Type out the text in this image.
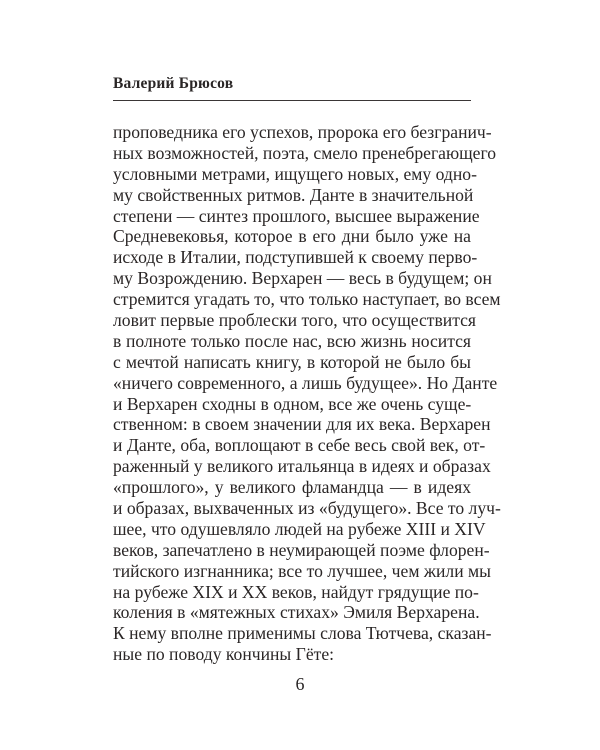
Валерий Брюсов
проповедника его успехов, пророка его безгранич-
ных возможностей, поэта, смело пренебрегающего
условными метрами, ищущего новых, ему одно-
му свойственных ритмов. Данте в значительной
степени — синтез прошлого, высшее выражение
Средневековья, которое в его дни было уже на
исходе в Италии, подступившей к своему перво-
му Возрождению. Верхарен — весь в будущем; он
стремится угадать то, что только наступает, во всем
ловит первые проблески того, что осуществится
в полноте только после нас, всю жизнь носится
с мечтой написать книгу, в которой не было бы
«ничего современного, а лишь будущее». Но Данте
и Верхарен сходны в одном, все же очень суще-
ственном: в своем значении для их века. Верхарен
и Данте, оба, воплощают в себе весь свой век, от-
раженный у великого итальянца в идеях и образах
«прошлого», у великого фламандца — в идеях
и образах, выхваченных из «будущего». Все то луч-
шее, что одушевляло людей на рубеже XIII и XIV
веков, запечатлено в неумирающей поэме флорен-
тийского изгнанника; все то лучшее, чем жили мы
на рубеже XIX и XX веков, найдут грядущие по-
коления в «мятежных стихах» Эмиля Верхарена.
К нему вполне применимы слова Тютчева, сказан-
ные по поводу кончины Гёте:
6
